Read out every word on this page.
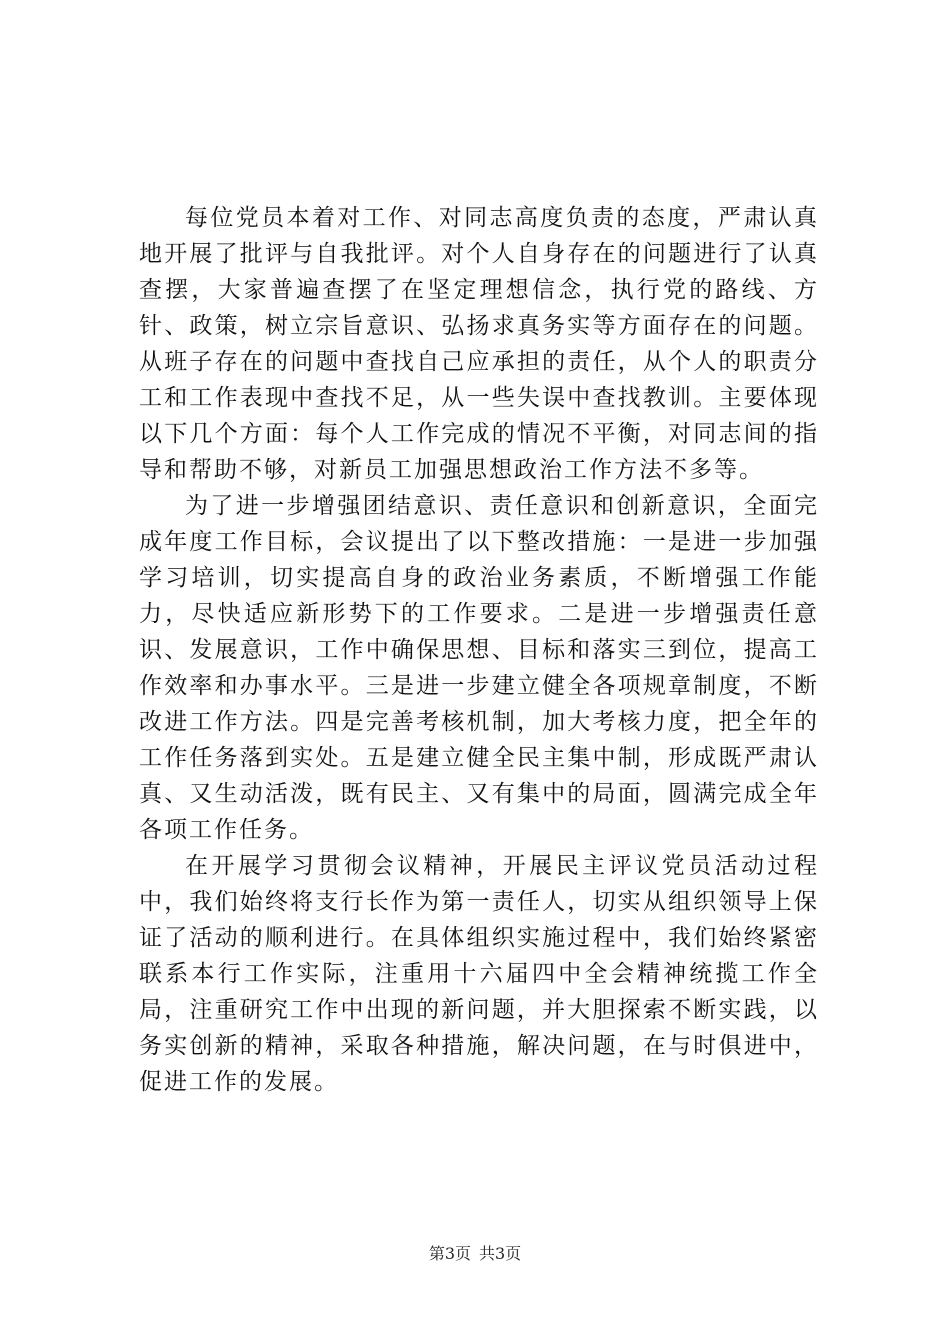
每位党员本着对工作、对同志高度负责的态度，严肃认真地开展了批评与自我批评。对个人自身存在的问题进行了认真查摆，大家普遍查摆了在坚定理想信念，执行党的路线、方针、政策，树立宗旨意识、弘扬求真务实等方面存在的问题。从班子存在的问题中查找自己应承担的责任，从个人的职责分工和工作表现中查找不足，从一些失误中查找教训。主要体现以下几个方面：每个人工作完成的情况不平衡，对同志间的指导和帮助不够，对新员工加强思想政治工作方法不多等。

为了进一步增强团结意识、责任意识和创新意识，全面完成年度工作目标，会议提出了以下整改措施：一是进一步加强学习培训，切实提高自身的政治业务素质，不断增强工作能力，尽快适应新形势下的工作要求。二是进一步增强责任意识、发展意识，工作中确保思想、目标和落实三到位，提高工作效率和办事水平。三是进一步建立健全各项规章制度，不断改进工作方法。四是完善考核机制，加大考核力度，把全年的工作任务落到实处。五是建立健全民主集中制，形成既严肃认真、又生动活泼，既有民主、又有集中的局面，圆满完成全年各项工作任务。

在开展学习贯彻会议精神，开展民主评议党员活动过程中，我们始终将支行长作为第一责任人，切实从组织领导上保证了活动的顺利进行。在具体组织实施过程中，我们始终紧密联系本行工作实际，注重用十六届四中全会精神统揽工作全局，注重研究工作中出现的新问题，并大胆探索不断实践，以务实创新的精神，采取各种措施，解决问题，在与时俱进中，促进工作的发展。

第3页 共3页
